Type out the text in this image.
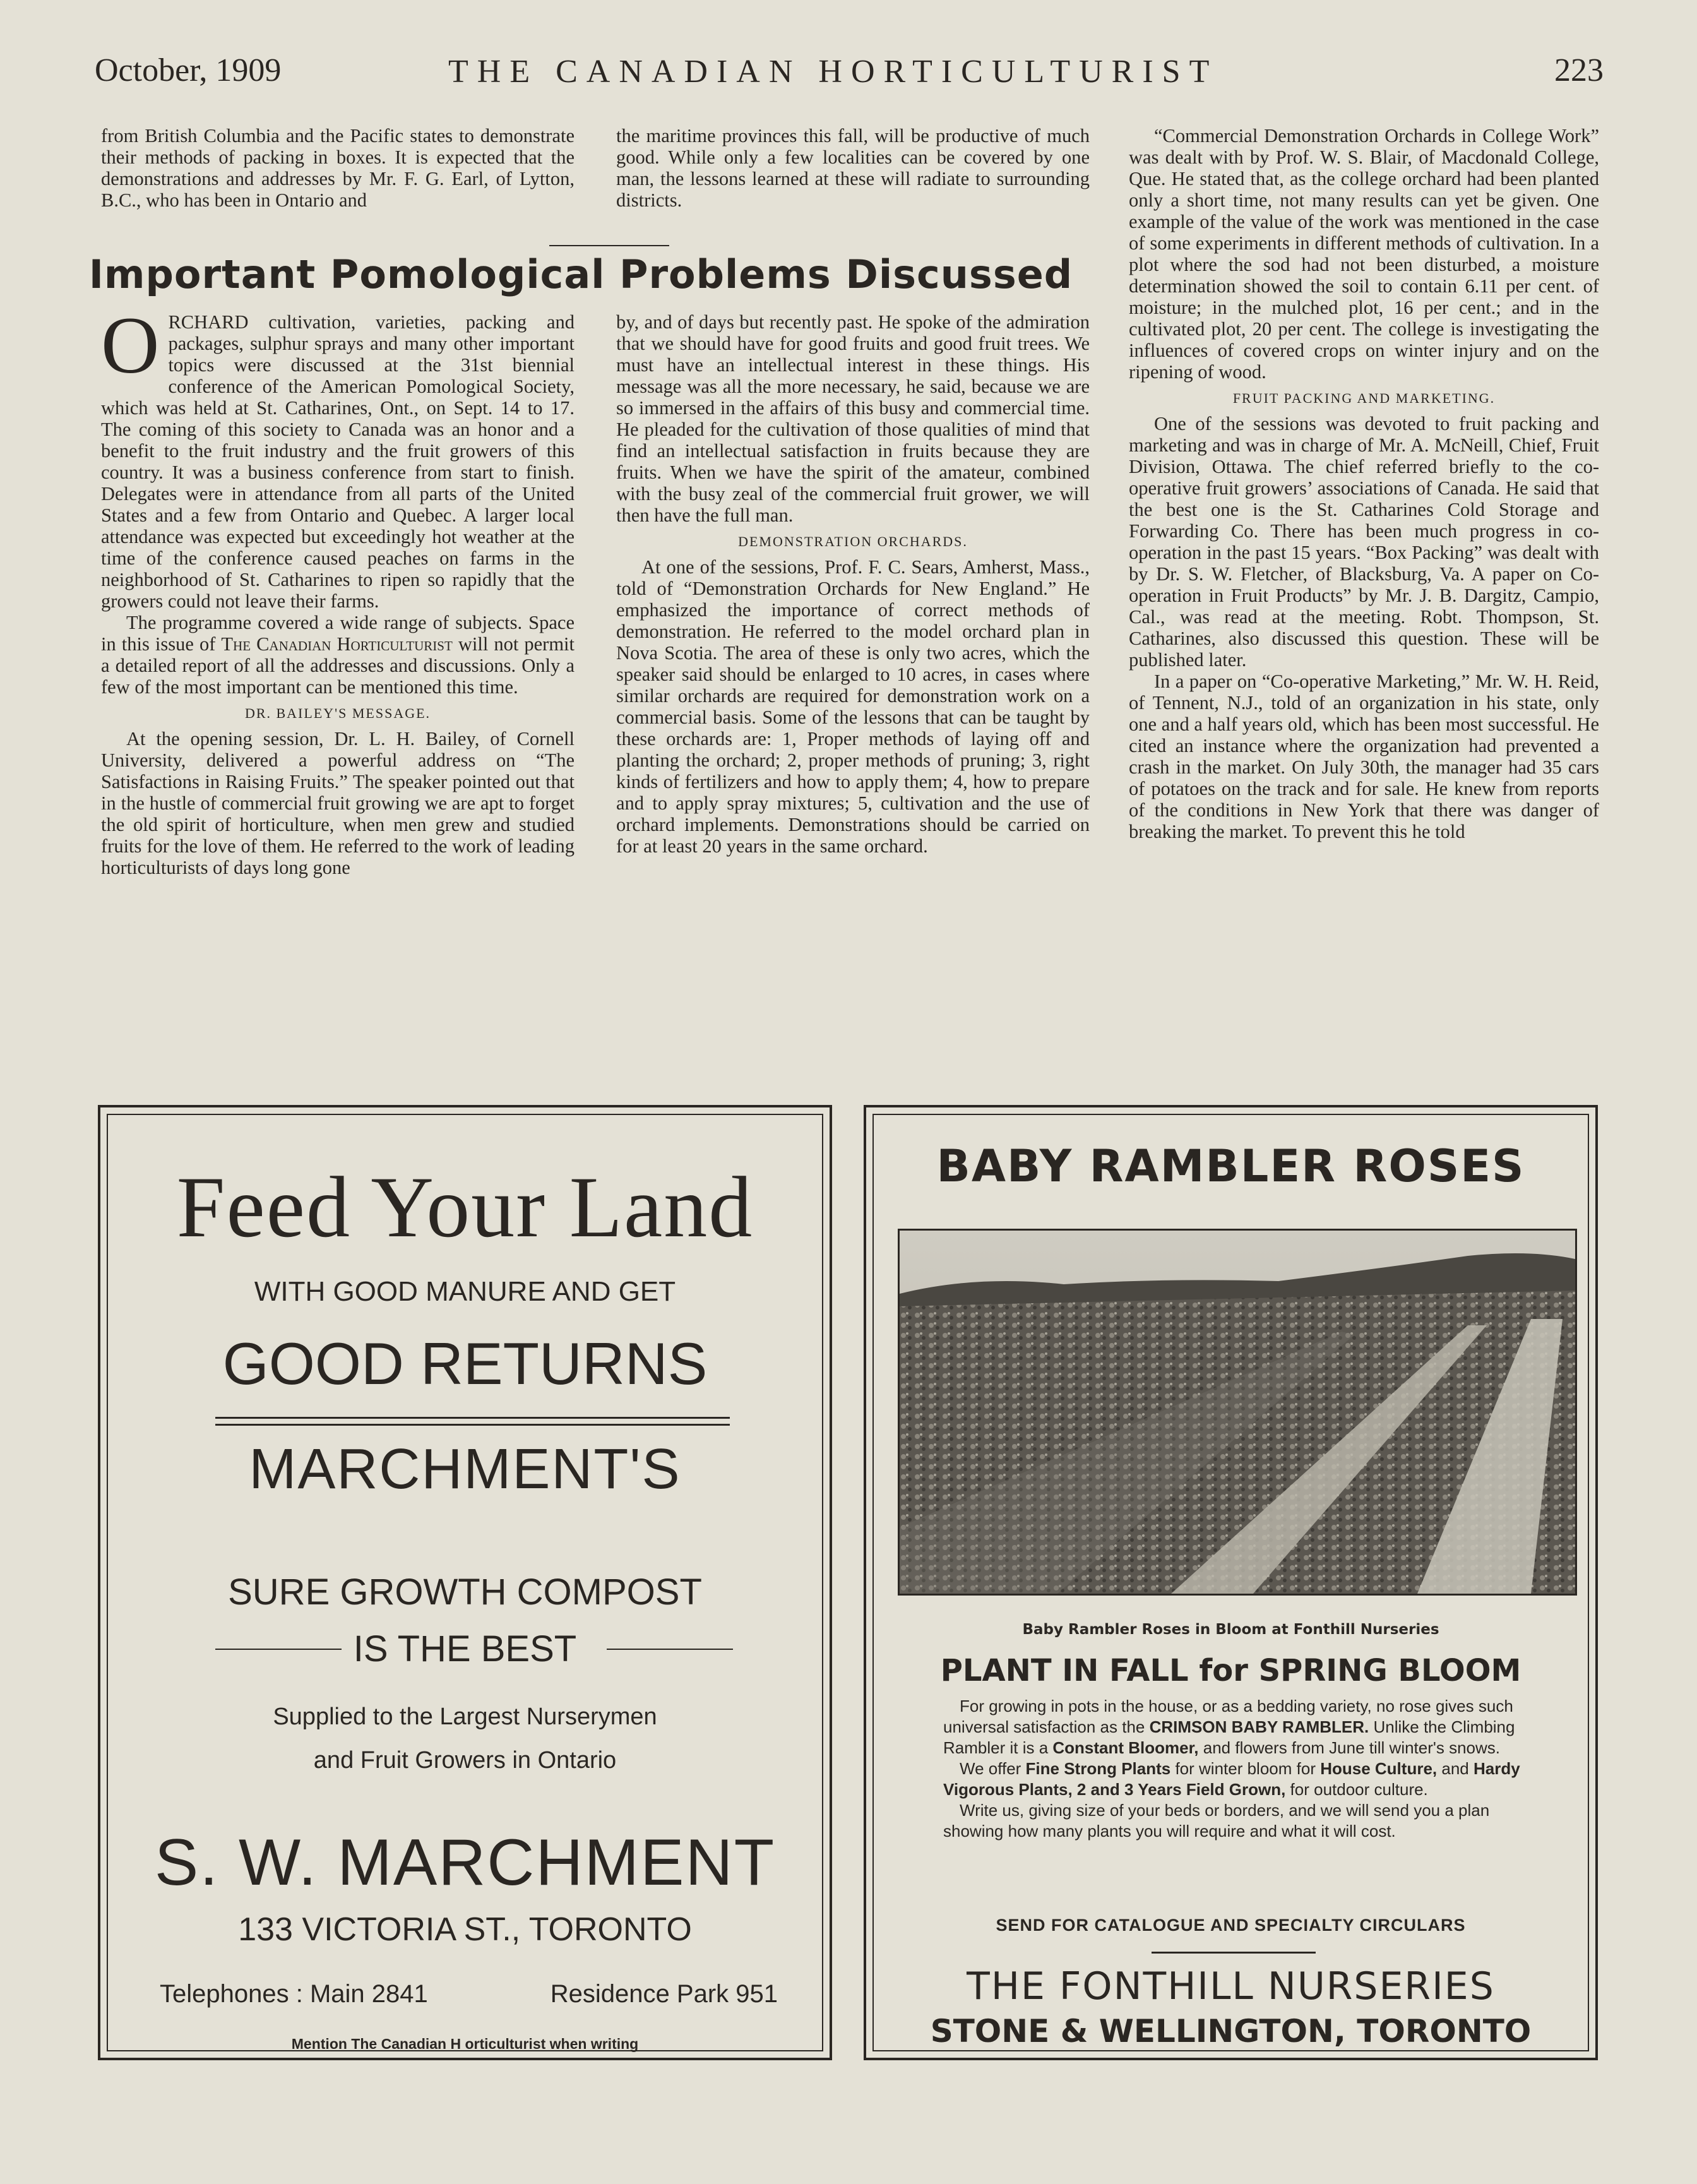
October, 1909	THE CANADIAN HORTICULTURIST	223

from British Columbia and the Pacific states to demonstrate their methods of packing in boxes. It is expected that the demonstrations and addresses by Mr. F. G. Earl, of Lytton, B.C., who has been in Ontario and

the maritime provinces this fall, will be productive of much good. While only a few localities can be covered by one man, the lessons learned at these will radiate to surrounding districts.

Important Pomological Problems Discussed

ORCHARD cultivation, varieties, packing and packages, sulphur sprays and many other important topics were discussed at the 31st biennial conference of the American Pomological Society, which was held at St. Catharines, Ont., on Sept. 14 to 17. The coming of this society to Canada was an honor and a benefit to the fruit industry and the fruit growers of this country. It was a business conference from start to finish. Delegates were in attendance from all parts of the United States and a few from Ontario and Quebec. A larger local attendance was expected but exceedingly hot weather at the time of the conference caused peaches on farms in the neighborhood of St. Catharines to ripen so rapidly that the growers could not leave their farms.

The programme covered a wide range of subjects. Space in this issue of The Canadian Horticulturist will not permit a detailed report of all the addresses and discussions. Only a few of the most important can be mentioned this time.

DR. BAILEY'S MESSAGE.

At the opening session, Dr. L. H. Bailey, of Cornell University, delivered a powerful address on “The Satisfactions in Raising Fruits.” The speaker pointed out that in the hustle of commercial fruit growing we are apt to forget the old spirit of horticulture, when men grew and studied fruits for the love of them. He referred to the work of leading horticulturists of days long gone

by, and of days but recently past. He spoke of the admiration that we should have for good fruits and good fruit trees. We must have an intellectual interest in these things. His message was all the more necessary, he said, because we are so immersed in the affairs of this busy and commercial time. He pleaded for the cultivation of those qualities of mind that find an intellectual satisfaction in fruits because they are fruits. When we have the spirit of the amateur, combined with the busy zeal of the commercial fruit grower, we will then have the full man.

DEMONSTRATION ORCHARDS.

At one of the sessions, Prof. F. C. Sears, Amherst, Mass., told of “Demonstration Orchards for New England.” He emphasized the importance of correct methods of demonstration. He referred to the model orchard plan in Nova Scotia. The area of these is only two acres, which the speaker said should be enlarged to 10 acres, in cases where similar orchards are required for demonstration work on a commercial basis. Some of the lessons that can be taught by these orchards are: 1, Proper methods of laying off and planting the orchard; 2, proper methods of pruning; 3, right kinds of fertilizers and how to apply them; 4, how to prepare and to apply spray mixtures; 5, cultivation and the use of orchard implements. Demonstrations should be carried on for at least 20 years in the same orchard.

“Commercial Demonstration Orchards in College Work” was dealt with by Prof. W. S. Blair, of Macdonald College, Que. He stated that, as the college orchard had been planted only a short time, not many results can yet be given. One example of the value of the work was mentioned in the case of some experiments in different methods of cultivation. In a plot where the sod had not been disturbed, a moisture determination showed the soil to contain 6.11 per cent. of moisture; in the mulched plot, 16 per cent.; and in the cultivated plot, 20 per cent. The college is investigating the influences of covered crops on winter injury and on the ripening of wood.

FRUIT PACKING AND MARKETING.

One of the sessions was devoted to fruit packing and marketing and was in charge of Mr. A. McNeill, Chief, Fruit Division, Ottawa. The chief referred briefly to the co-operative fruit growers’ associations of Canada. He said that the best one is the St. Catharines Cold Storage and Forwarding Co. There has been much progress in co-operation in the past 15 years. “Box Packing” was dealt with by Dr. S. W. Fletcher, of Blacksburg, Va. A paper on Co-operation in Fruit Products” by Mr. J. B. Dargitz, Campio, Cal., was read at the meeting. Robt. Thompson, St. Catharines, also discussed this question. These will be published later.

In a paper on “Co-operative Marketing,” Mr. W. H. Reid, of Tennent, N.J., told of an organization in his state, only one and a half years old, which has been most successful. He cited an instance where the organization had prevented a crash in the market. On July 30th, the manager had 35 cars of potatoes on the track and for sale. He knew from reports of the conditions in New York that there was danger of breaking the market. To prevent this he told

Feed Your Land
WITH GOOD MANURE AND GET
GOOD RETURNS
MARCHMENT'S
SURE GROWTH COMPOST
IS THE BEST
Supplied to the Largest Nurserymen
and Fruit Growers in Ontario
S. W. MARCHMENT
133 VICTORIA ST., TORONTO
Telephones : Main 2841	Residence Park 951
Mention The Canadian H orticulturist when writing
BABY RAMBLER ROSES
Baby Rambler Roses in Bloom at Fonthill Nurseries
PLANT IN FALL for SPRING BLOOM

For growing in pots in the house, or as a bedding variety, no rose gives such universal satisfaction as the CRIMSON BABY RAMBLER. Unlike the Climbing Rambler it is a Constant Bloomer, and flowers from June till winter's snows.

We offer Fine Strong Plants for winter bloom for House Culture, and Hardy Vigorous Plants, 2 and 3 Years Field Grown, for outdoor culture.

Write us, giving size of your beds or borders, and we will send you a plan showing how many plants you will require and what it will cost.

SEND FOR CATALOGUE AND SPECIALTY CIRCULARS
THE FONTHILL NURSERIES
STONE & WELLINGTON, TORONTO
